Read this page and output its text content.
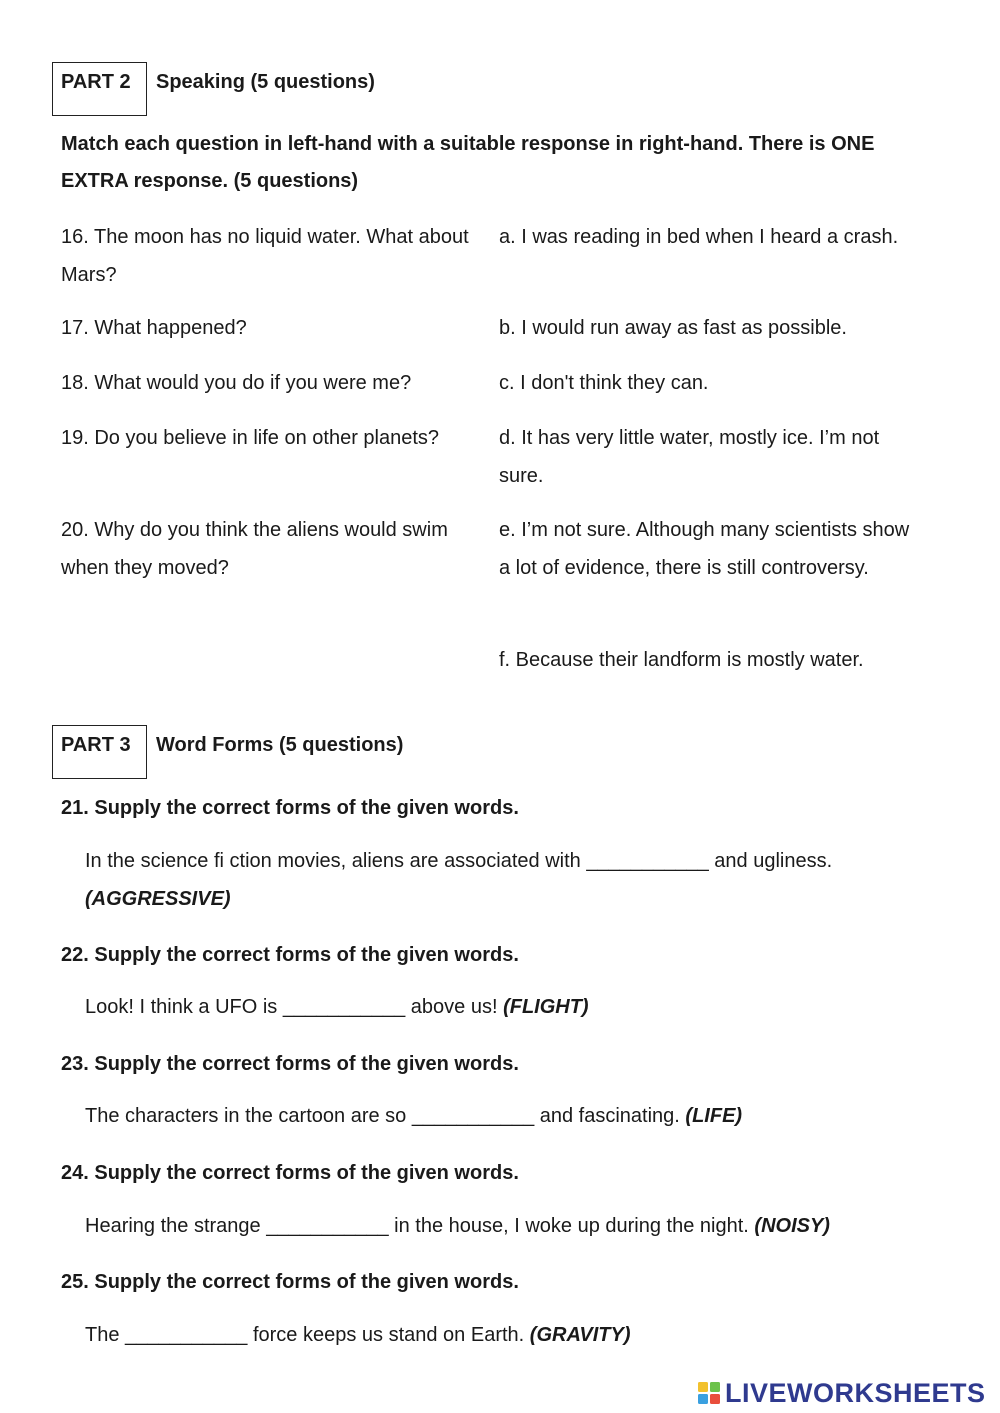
PART 2 Speaking (5 questions)
Match each question in left-hand with a suitable response in right-hand. There is ONE EXTRA response. (5 questions)
16. The moon has no liquid water. What about Mars?
17. What happened?
18. What would you do if you were me?
19. Do you believe in life on other planets?
20. Why do you think the aliens would swim when they moved?
a. I was reading in bed when I heard a crash.
b. I would run away as fast as possible.
c. I don't think they can.
d. It has very little water, mostly ice. I’m not sure.
e. I’m not sure. Although many scientists show a lot of evidence, there is still controversy.
f. Because their landform is mostly water.
PART 3 Word Forms (5 questions)
21. Supply the correct forms of the given words.
In the science fi ction movies, aliens are associated with ___________ and ugliness.
(AGGRESSIVE)
22. Supply the correct forms of the given words.
Look! I think a UFO is ___________ above us! (FLIGHT)
23. Supply the correct forms of the given words.
The characters in the cartoon are so ___________ and fascinating. (LIFE)
24. Supply the correct forms of the given words.
Hearing the strange ___________ in the house, I woke up during the night. (NOISY)
25. Supply the correct forms of the given words.
The ___________ force keeps us stand on Earth. (GRAVITY)
LIVEWORKSHEETS
